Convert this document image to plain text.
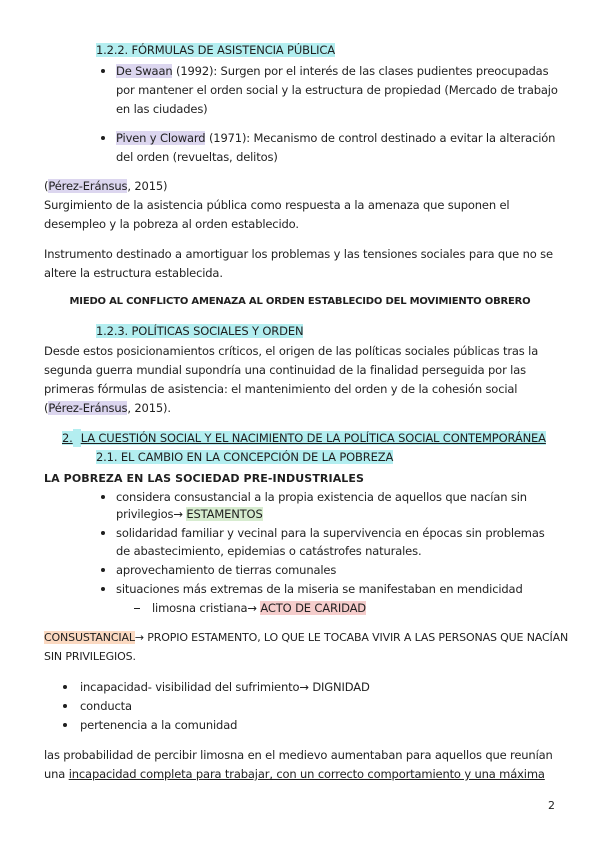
1.2.2. FÓRMULAS DE ASISTENCIA PÚBLICA
De Swaan (1992): Surgen por el interés de las clases pudientes preocupadas
por mantener el orden social y la estructura de propiedad (Mercado de trabajo
en las ciudades)
Piven y Cloward (1971): Mecanismo de control destinado a evitar la alteración
del orden (revueltas, delitos)
(Pérez-Eránsus, 2015)
Surgimiento de la asistencia pública como respuesta a la amenaza que suponen el
desempleo y la pobreza al orden establecido.
Instrumento destinado a amortiguar los problemas y las tensiones sociales para que no se
altere la estructura establecida.
MIEDO AL CONFLICTO AMENAZA AL ORDEN ESTABLECIDO DEL MOVIMIENTO OBRERO
1.2.3. POLÍTICAS SOCIALES Y ORDEN
Desde estos posicionamientos críticos, el origen de las políticas sociales públicas tras la
segunda guerra mundial supondría una continuidad de la finalidad perseguida por las
primeras fórmulas de asistencia: el mantenimiento del orden y de la cohesión social
(Pérez-Eránsus, 2015).
2. LA CUESTIÓN SOCIAL Y EL NACIMIENTO DE LA POLÍTICA SOCIAL CONTEMPORÁNEA
2.1. EL CAMBIO EN LA CONCEPCIÓN DE LA POBREZA
LA POBREZA EN LAS SOCIEDAD PRE-INDUSTRIALES
considera consustancial a la propia existencia de aquellos que nacían sin
privilegios→ ESTAMENTOS
solidaridad familiar y vecinal para la supervivencia en épocas sin problemas
de abastecimiento, epidemias o catástrofes naturales.
aprovechamiento de tierras comunales
situaciones más extremas de la miseria se manifestaban en mendicidad
limosna cristiana→ ACTO DE CARIDAD
CONSUSTANCIAL→ PROPIO ESTAMENTO, LO QUE LE TOCABA VIVIR A LAS PERSONAS QUE NACÍAN
SIN PRIVILEGIOS.
incapacidad- visibilidad del sufrimiento→ DIGNIDAD
conducta
pertenencia a la comunidad
las probabilidad de percibir limosna en el medievo aumentaban para aquellos que reunían
una incapacidad completa para trabajar, con un correcto comportamiento y una máxima
2
